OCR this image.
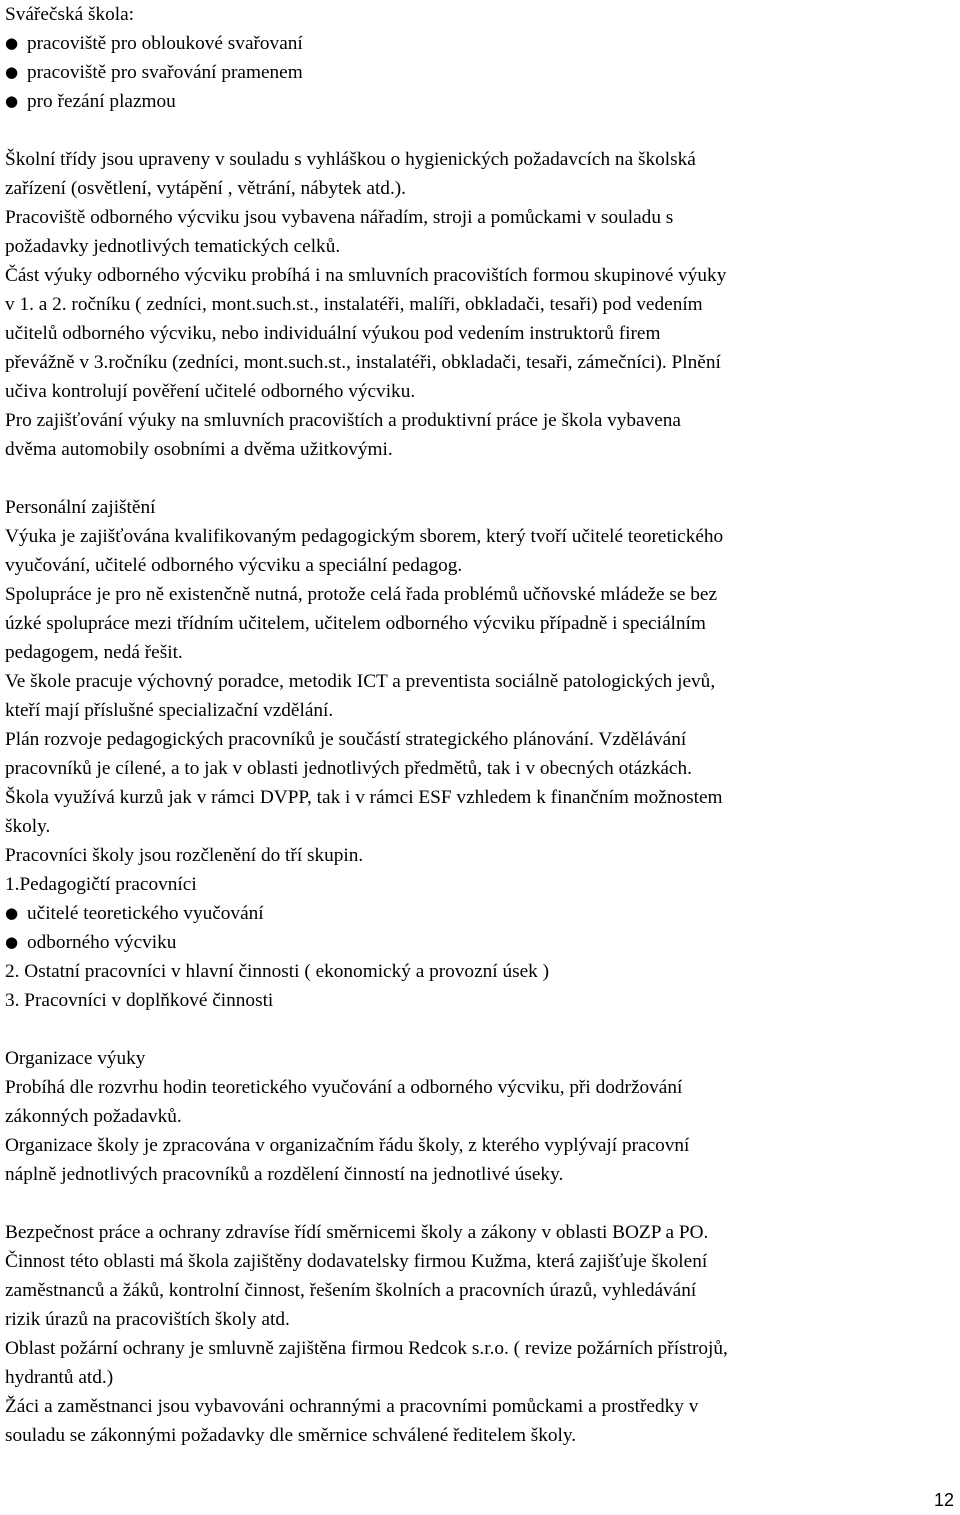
Svářečská škola:

● pracoviště pro obloukové svařovaní
● pracoviště pro svařování pramenem
● pro řezání plazmou

Školní třídy jsou upraveny v souladu s vyhláškou o hygienických požadavcích na školská

zařízení (osvětlení, vytápění , větrání, nábytek atd.).

Pracoviště odborného výcviku jsou vybavena nářadím, stroji a pomůckami v souladu s

požadavky jednotlivých tematických celků.

Část výuky odborného výcviku probíhá i na smluvních pracovištích formou skupinové výuky

v 1. a 2. ročníku ( zedníci, mont.such.st., instalatéři, malíři, obkladači, tesaři) pod vedením

učitelů odborného výcviku, nebo individuální výukou pod vedením instruktorů firem

převážně v 3.ročníku (zedníci, mont.such.st., instalatéři, obkladači, tesaři, zámečníci). Plnění

učiva kontrolují pověření učitelé odborného výcviku.

Pro zajišťování výuky na smluvních pracovištích a produktivní práce je škola vybavena

dvěma automobily osobními a dvěma užitkovými.

Personální zajištění

Výuka je zajišťována kvalifikovaným pedagogickým sborem, který tvoří učitelé teoretického

vyučování, učitelé odborného výcviku a speciální pedagog.

Spolupráce je pro ně existenčně nutná, protože celá řada problémů učňovské mládeže se bez

úzké spolupráce mezi třídním učitelem, učitelem odborného výcviku případně i speciálním

pedagogem, nedá řešit.

Ve škole pracuje výchovný poradce, metodik ICT a preventista sociálně patologických jevů,

kteří mají příslušné specializační vzdělání.

Plán rozvoje pedagogických pracovníků je součástí strategického plánování. Vzdělávání

pracovníků je cílené, a to jak v oblasti jednotlivých předmětů, tak i v obecných otázkách.

Škola využívá kurzů jak v rámci DVPP, tak i v rámci ESF vzhledem k finančním možnostem

školy.

Pracovníci školy jsou rozčlenění do tří skupin.

1.Pedagogičtí pracovníci

● učitelé teoretického vyučování
● odborného výcviku

2. Ostatní pracovníci v hlavní činnosti ( ekonomický a provozní úsek )

3. Pracovníci v doplňkové činnosti

Organizace výuky

Probíhá dle rozvrhu hodin teoretického vyučování a odborného výcviku, při dodržování

zákonných požadavků.

Organizace školy je zpracována v organizačním řádu školy, z kterého vyplývají pracovní

náplně jednotlivých pracovníků a rozdělení činností na jednotlivé úseky.

Bezpečnost práce a ochrany zdravíse řídí směrnicemi školy a zákony v oblasti BOZP a PO.

Činnost této oblasti má škola zajištěny dodavatelsky firmou Kužma, která zajišťuje školení

zaměstnanců a žáků, kontrolní činnost, řešením školních a pracovních úrazů, vyhledávání

rizik úrazů na pracovištích školy atd.

Oblast požární ochrany je smluvně zajištěna firmou Redcok s.r.o. ( revize požárních přístrojů,

hydrantů atd.)

Žáci a zaměstnanci jsou vybavováni ochrannými a pracovními pomůckami a prostředky v

souladu se zákonnými požadavky dle směrnice schválené ředitelem školy.

12
